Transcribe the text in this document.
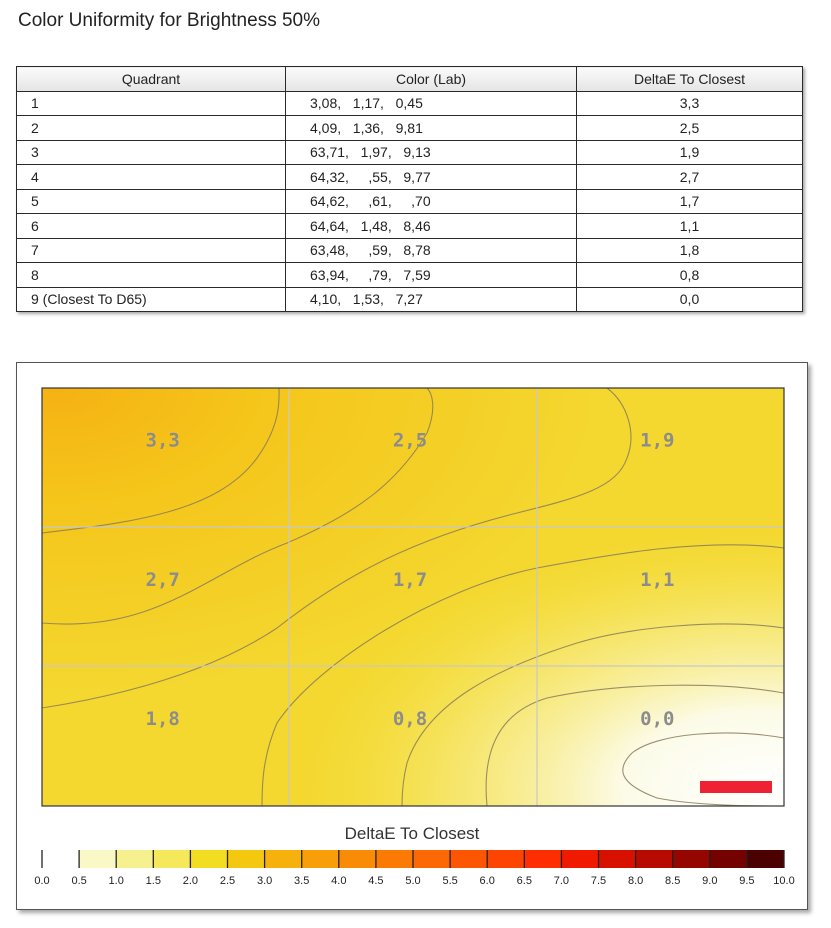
Color Uniformity for Brightness 50%
Quadrant	Color (Lab)	DeltaE To Closest
1	3,08,   1,17,   0,45	3,3
2	4,09,   1,36,   9,81	2,5
3	63,71,   1,97,   9,13	1,9
4	64,32,     ,55,   9,77	2,7
5	64,62,     ,61,     ,70	1,7
6	64,64,   1,48,   8,46	1,1
7	63,48,     ,59,   8,78	1,8
8	63,94,     ,79,   7,59	0,8
9 (Closest To D65)	4,10,   1,53,   7,27	0,0
3,3	2,5	1,9
2,7	1,7	1,1
1,8	0,8	0,0
DeltaE To Closest
0.0 0.5 1.0 1.5 2.0 2.5 3.0 3.5 4.0 4.5 5.0 5.5 6.0 6.5 7.0 7.5 8.0 8.5 9.0 9.5 10.0
